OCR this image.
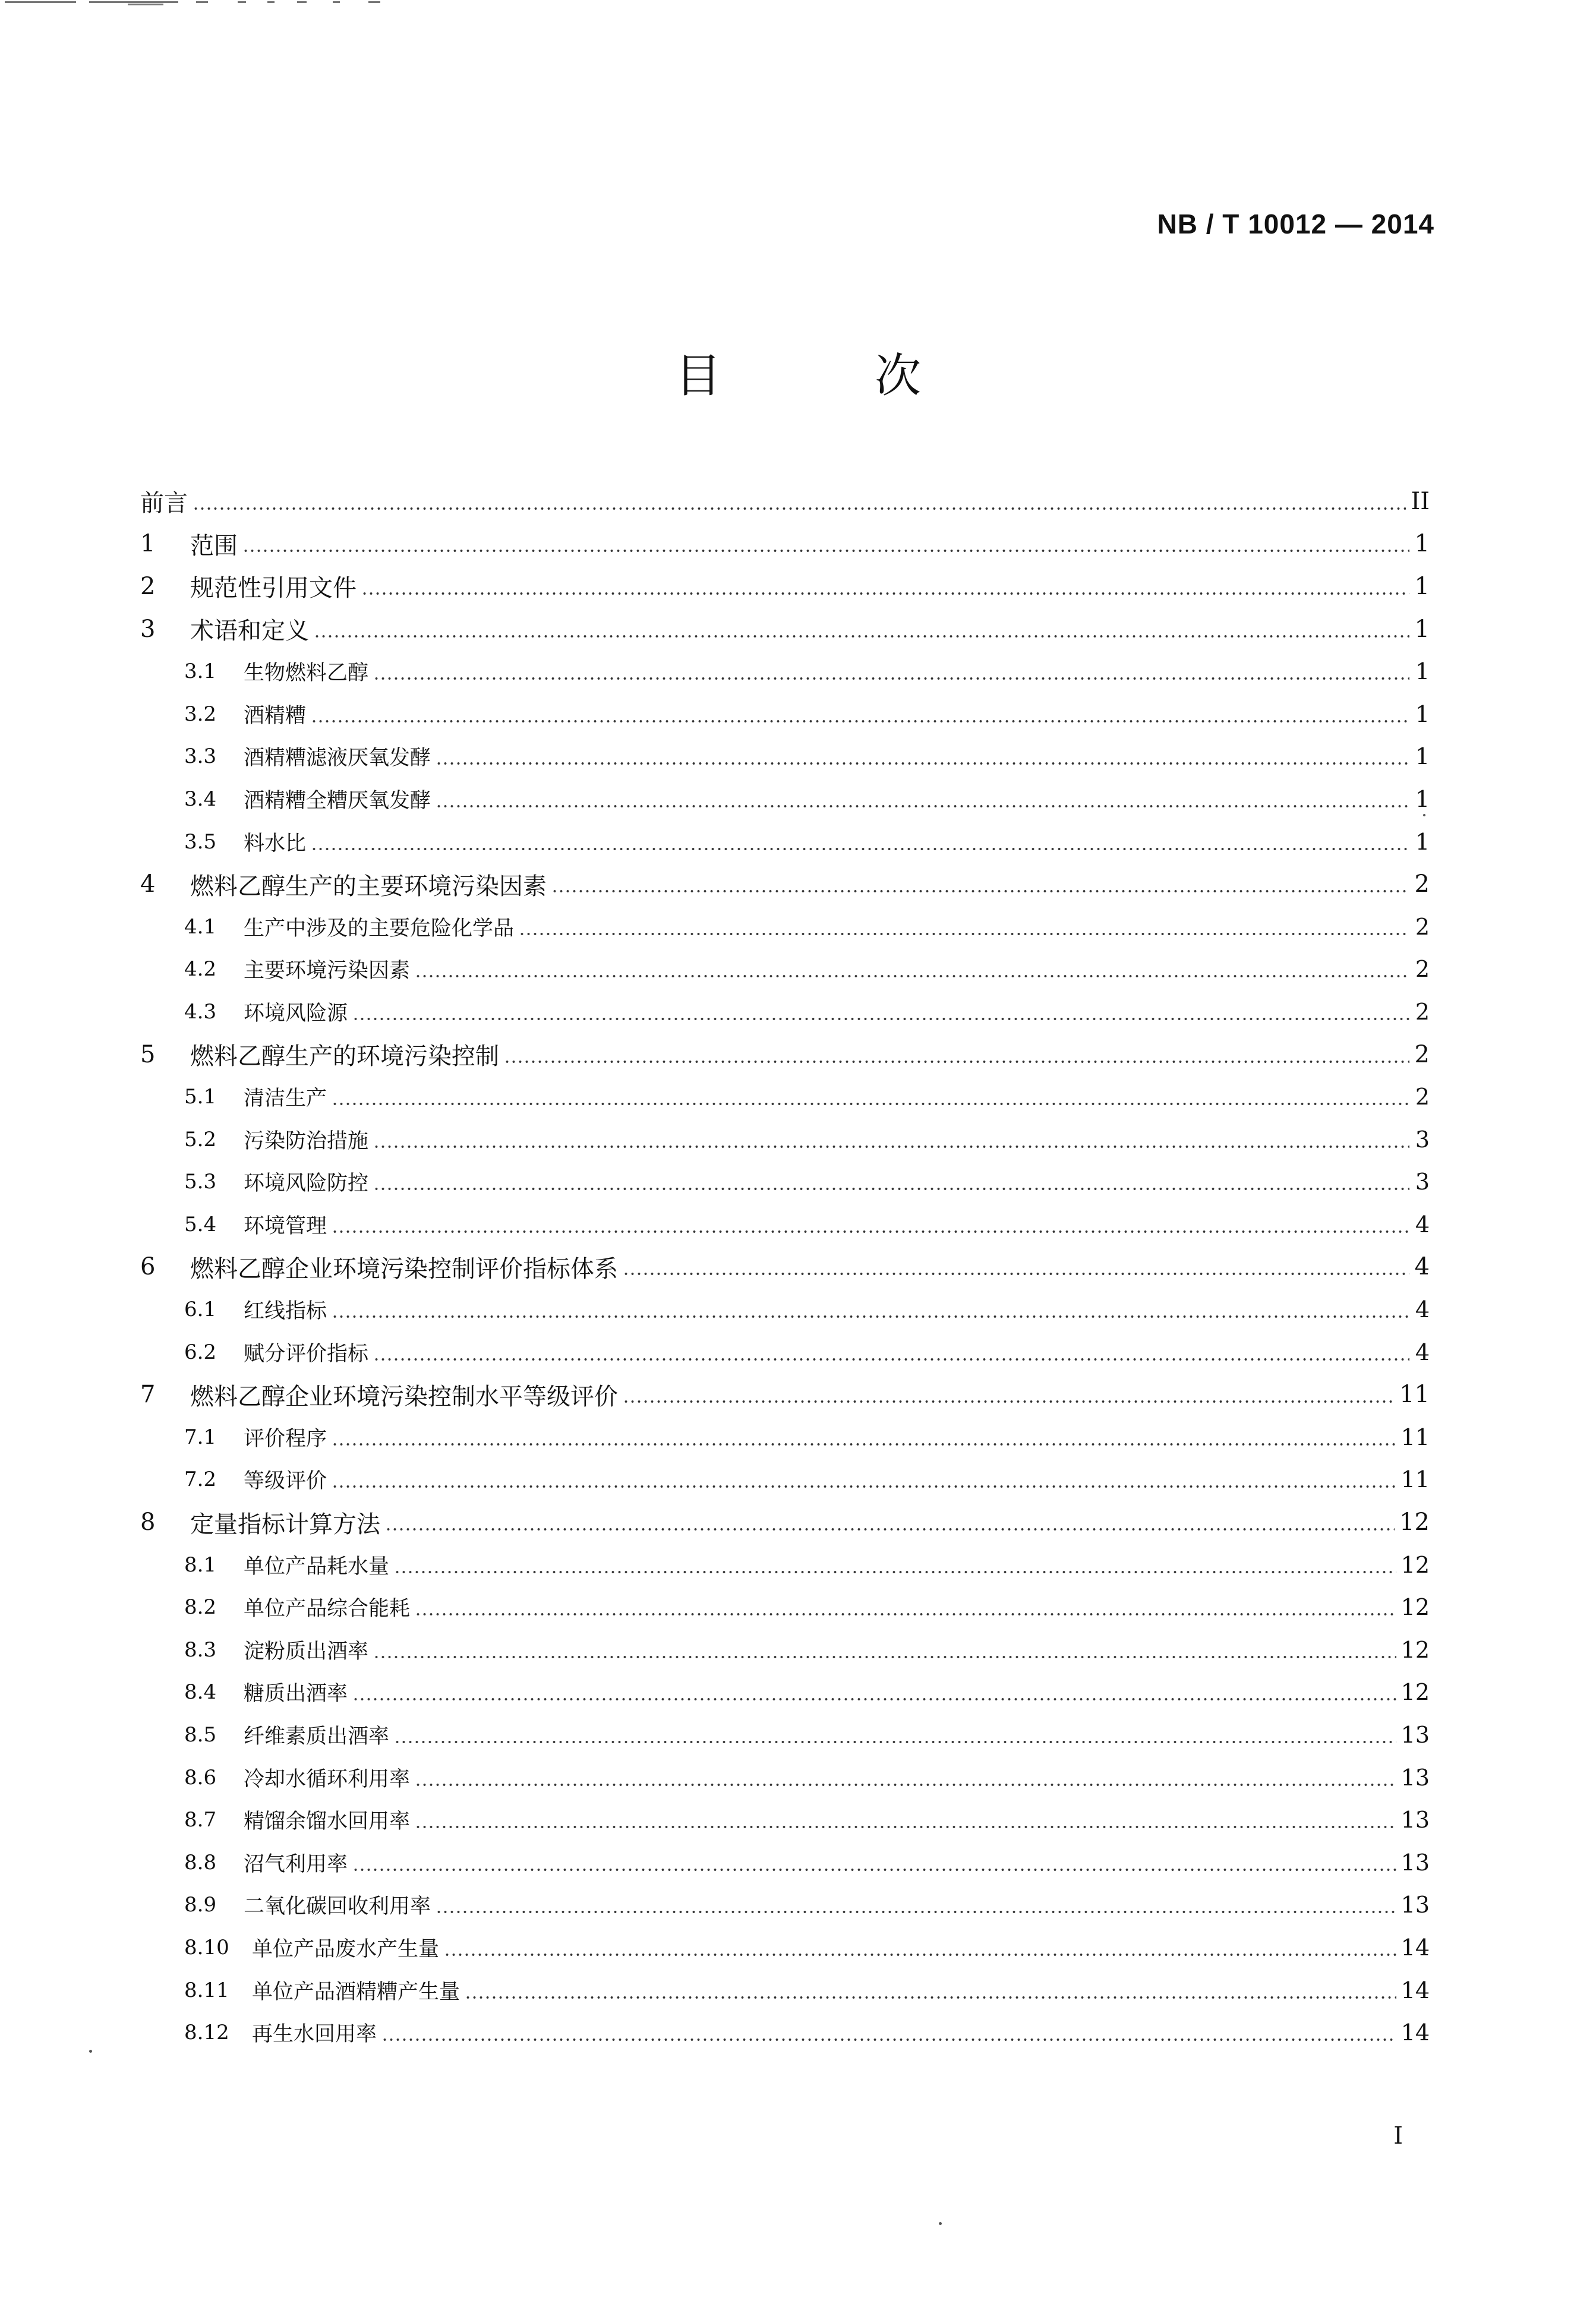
NB / T 10012 — 2014
目　次
前言	II
1	范围	1
2	规范性引用文件	1
3	术语和定义	1
3.1	生物燃料乙醇	1
3.2	酒精糟	1
3.3	酒精糟滤液厌氧发酵	1
3.4	酒精糟全糟厌氧发酵	1
3.5	料水比	1
4	燃料乙醇生产的主要环境污染因素	2
4.1	生产中涉及的主要危险化学品	2
4.2	主要环境污染因素	2
4.3	环境风险源	2
5	燃料乙醇生产的环境污染控制	2
5.1	清洁生产	2
5.2	污染防治措施	3
5.3	环境风险防控	3
5.4	环境管理	4
6	燃料乙醇企业环境污染控制评价指标体系	4
6.1	红线指标	4
6.2	赋分评价指标	4
7	燃料乙醇企业环境污染控制水平等级评价	11
7.1	评价程序	11
7.2	等级评价	11
8	定量指标计算方法	12
8.1	单位产品耗水量	12
8.2	单位产品综合能耗	12
8.3	淀粉质出酒率	12
8.4	糖质出酒率	12
8.5	纤维素质出酒率	13
8.6	冷却水循环利用率	13
8.7	精馏余馏水回用率	13
8.8	沼气利用率	13
8.9	二氧化碳回收利用率	13
8.10	单位产品废水产生量	14
8.11	单位产品酒精糟产生量	14
8.12	再生水回用率	14
I
